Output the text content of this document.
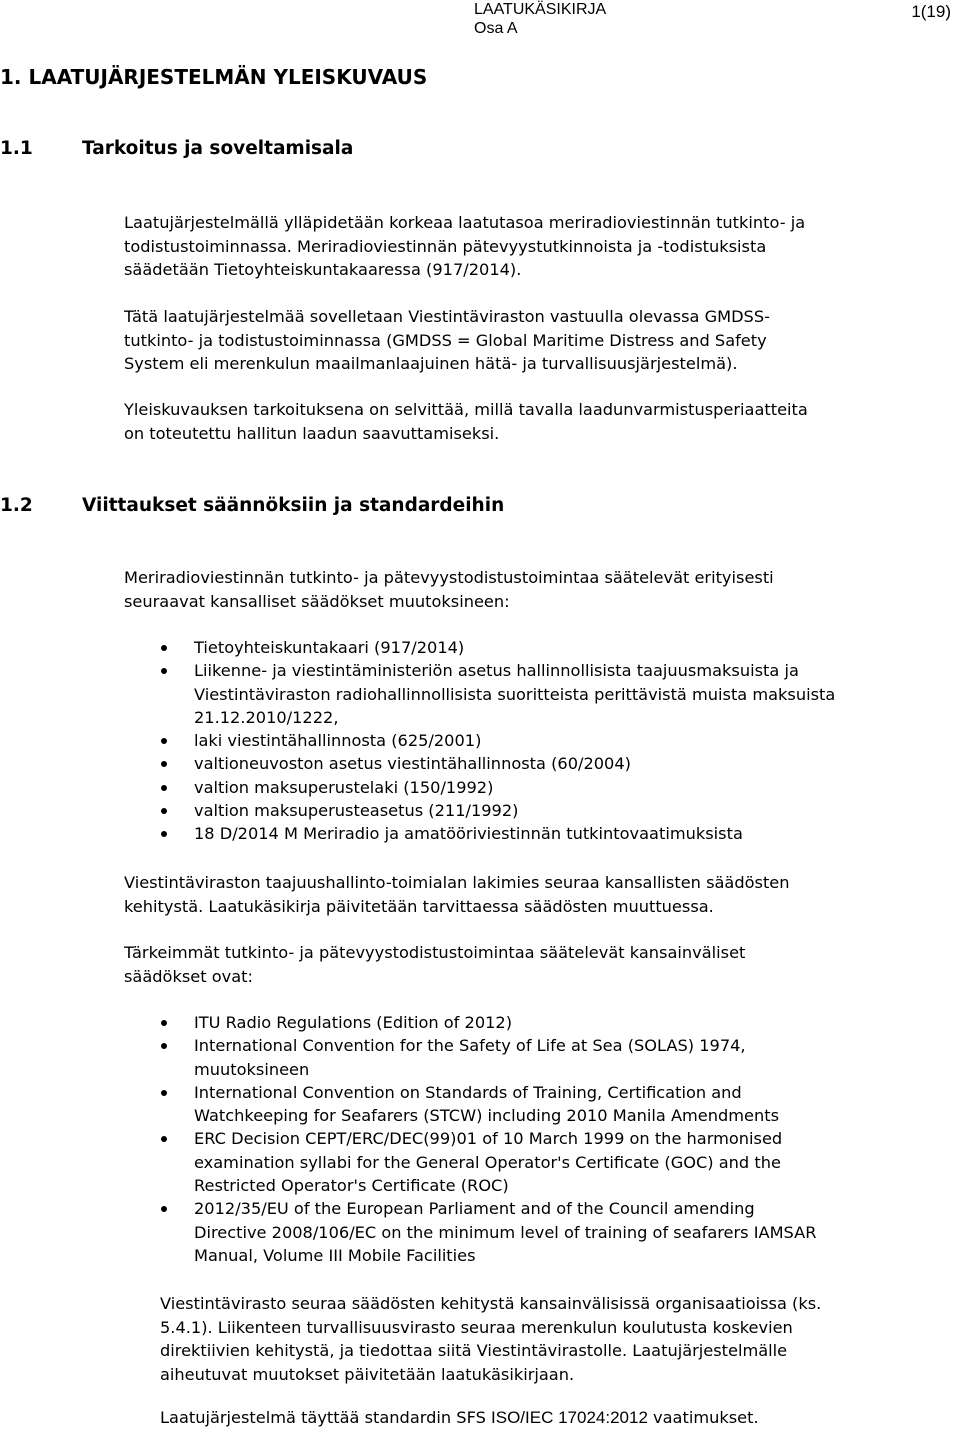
LAATUKÄSIKIRJA
Osa A
1(19)
1. LAATUJÄRJESTELMÄN YLEISKUVAUS
1.1	Tarkoitus ja soveltamisala

Laatujärjestelmällä ylläpidetään korkeaa laatutasoa meriradioviestinnän tutkinto- ja
todistustoiminnassa. Meriradioviestinnän pätevyystutkinnoista ja -todistuksista
säädetään Tietoyhteiskuntakaaressa (917/2014).

Tätä laatujärjestelmää sovelletaan Viestintäviraston vastuulla olevassa GMDSS-
tutkinto- ja todistustoiminnassa (GMDSS = Global Maritime Distress and Safety
System eli merenkulun maailmanlaajuinen hätä- ja turvallisuusjärjestelmä).

Yleiskuvauksen tarkoituksena on selvittää, millä tavalla laadunvarmistusperiaatteita
on toteutettu hallitun laadun saavuttamiseksi.

1.2	Viittaukset säännöksiin ja standardeihin

Meriradioviestinnän tutkinto- ja pätevyystodistustoimintaa säätelevät erityisesti
seuraavat kansalliset säädökset muutoksineen:

Tietoyhteiskuntakaari (917/2014)
Liikenne- ja viestintäministeriön asetus hallinnollisista taajuusmaksuista ja
Viestintäviraston radiohallinnollisista suoritteista perittävistä muista maksuista
21.12.2010/1222,
laki viestintähallinnosta (625/2001)
valtioneuvoston asetus viestintähallinnosta (60/2004)
valtion maksuperustelaki (150/1992)
valtion maksuperusteasetus (211/1992)
18 D/2014 M Meriradio ja amatööriviestinnän tutkintovaatimuksista

Viestintäviraston taajuushallinto-toimialan lakimies seuraa kansallisten säädösten
kehitystä. Laatukäsikirja päivitetään tarvittaessa säädösten muuttuessa.

Tärkeimmät tutkinto- ja pätevyystodistustoimintaa säätelevät kansainväliset
säädökset ovat:

ITU Radio Regulations (Edition of 2012)
International Convention for the Safety of Life at Sea (SOLAS) 1974,
muutoksineen
International Convention on Standards of Training, Certification and
Watchkeeping for Seafarers (STCW) including 2010 Manila Amendments
ERC Decision CEPT/ERC/DEC(99)01 of 10 March 1999 on the harmonised
examination syllabi for the General Operator's Certificate (GOC) and the
Restricted Operator's Certificate (ROC)
2012/35/EU of the European Parliament and of the Council amending
Directive 2008/106/EC on the minimum level of training of seafarers IAMSAR
Manual, Volume III Mobile Facilities

Viestintävirasto seuraa säädösten kehitystä kansainvälisissä organisaatioissa (ks.
5.4.1). Liikenteen turvallisuusvirasto seuraa merenkulun koulutusta koskevien
direktiivien kehitystä, ja tiedottaa siitä Viestintävirastolle. Laatujärjestelmälle
aiheutuvat muutokset päivitetään laatukäsikirjaan.

Laatujärjestelmä täyttää standardin SFS ISO/IEC 17024:2012 vaatimukset.
